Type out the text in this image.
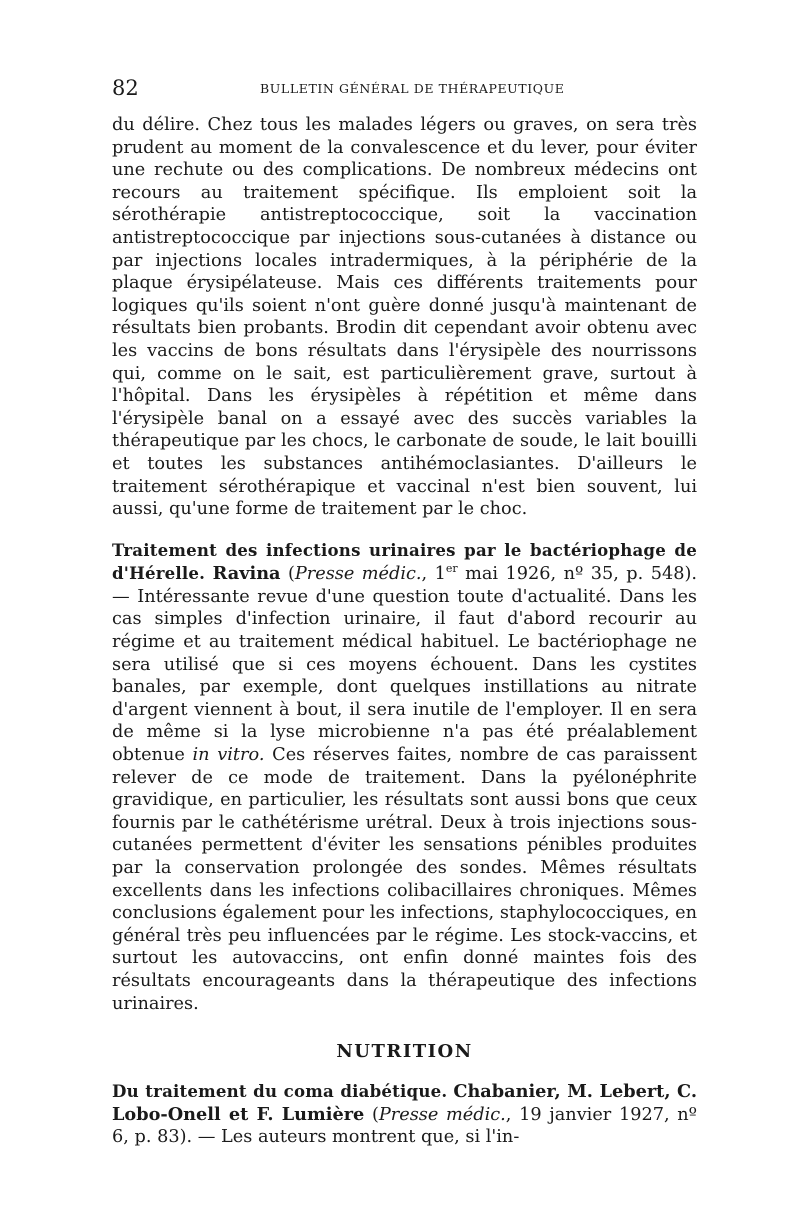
82	BULLETIN GÉNÉRAL DE THÉRAPEUTIQUE

du délire. Chez tous les malades légers ou graves, on sera très prudent au moment de la convalescence et du lever, pour éviter une rechute ou des complications. De nombreux médecins ont recours au traitement spécifique. Ils emploient soit la sérothérapie antistreptococcique, soit la vaccination antistreptococcique par injections sous-cutanées à distance ou par injections locales intradermiques, à la périphérie de la plaque érysipélateuse. Mais ces différents traitements pour logiques qu'ils soient n'ont guère donné jusqu'à maintenant de résultats bien probants. Brodin dit cependant avoir obtenu avec les vaccins de bons résultats dans l'érysipèle des nourrissons qui, comme on le sait, est particulièrement grave, surtout à l'hôpital. Dans les érysipèles à répétition et même dans l'érysipèle banal on a essayé avec des succès variables la thérapeutique par les chocs, le carbonate de soude, le lait bouilli et toutes les substances antihémoclasiantes. D'ailleurs le traitement sérothérapique et vaccinal n'est bien souvent, lui aussi, qu'une forme de traitement par le choc.

Traitement des infections urinaires par le bactériophage de d'Hérelle. Ravina (Presse médic., 1er mai 1926, nº 35, p. 548). — Intéressante revue d'une question toute d'actualité. Dans les cas simples d'infection urinaire, il faut d'abord recourir au régime et au traitement médical habituel. Le bactériophage ne sera utilisé que si ces moyens échouent. Dans les cystites banales, par exemple, dont quelques instillations au nitrate d'argent viennent à bout, il sera inutile de l'employer. Il en sera de même si la lyse microbienne n'a pas été préalablement obtenue in vitro. Ces réserves faites, nombre de cas paraissent relever de ce mode de traitement. Dans la pyélonéphrite gravidique, en particulier, les résultats sont aussi bons que ceux fournis par le cathétérisme urétral. Deux à trois injections sous-cutanées permettent d'éviter les sensations pénibles produites par la conservation prolongée des sondes. Mêmes résultats excellents dans les infections colibacillaires chroniques. Mêmes conclusions également pour les infections, staphylococciques, en général très peu influencées par le régime. Les stock-vaccins, et surtout les autovaccins, ont enfin donné maintes fois des résultats encourageants dans la thérapeutique des infections urinaires.

NUTRITION

Du traitement du coma diabétique. Chabanier, M. Lebert, C. Lobo-Onell et F. Lumière (Presse médic., 19 janvier 1927, nº 6, p. 83). — Les auteurs montrent que, si l'in-
